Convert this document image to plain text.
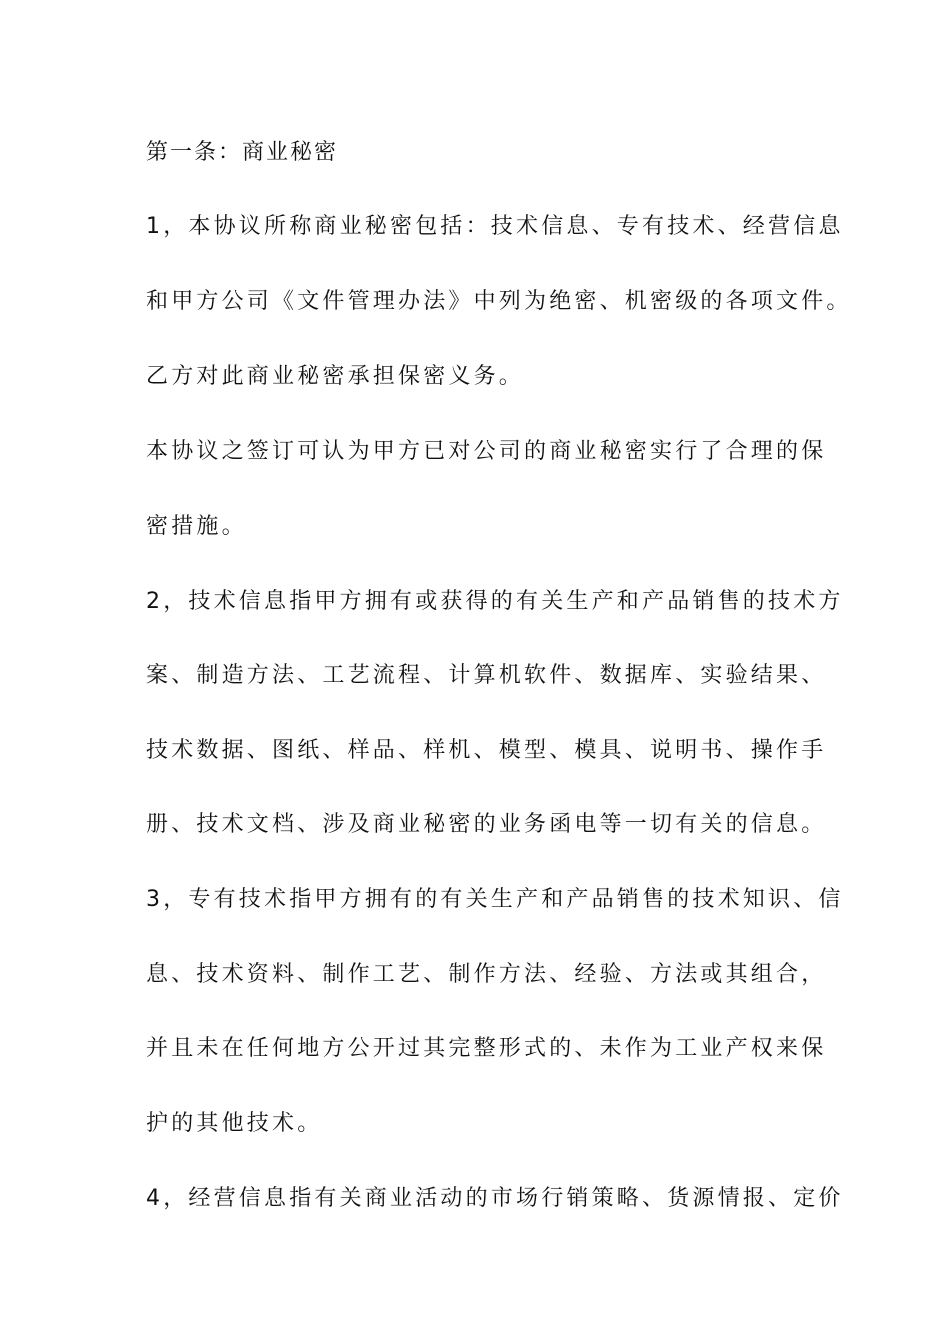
第一条：商业秘密
1，本协议所称商业秘密包括：技术信息、专有技术、经营信息
和甲方公司《文件管理办法》中列为绝密、机密级的各项文件。
乙方对此商业秘密承担保密义务。
本协议之签订可认为甲方已对公司的商业秘密实行了合理的保
密措施。
2，技术信息指甲方拥有或获得的有关生产和产品销售的技术方
案、制造方法、工艺流程、计算机软件、数据库、实验结果、
技术数据、图纸、样品、样机、模型、模具、说明书、操作手
册、技术文档、涉及商业秘密的业务函电等一切有关的信息。
3，专有技术指甲方拥有的有关生产和产品销售的技术知识、信
息、技术资料、制作工艺、制作方法、经验、方法或其组合，
并且未在任何地方公开过其完整形式的、未作为工业产权来保
护的其他技术。
4，经营信息指有关商业活动的市场行销策略、货源情报、定价
